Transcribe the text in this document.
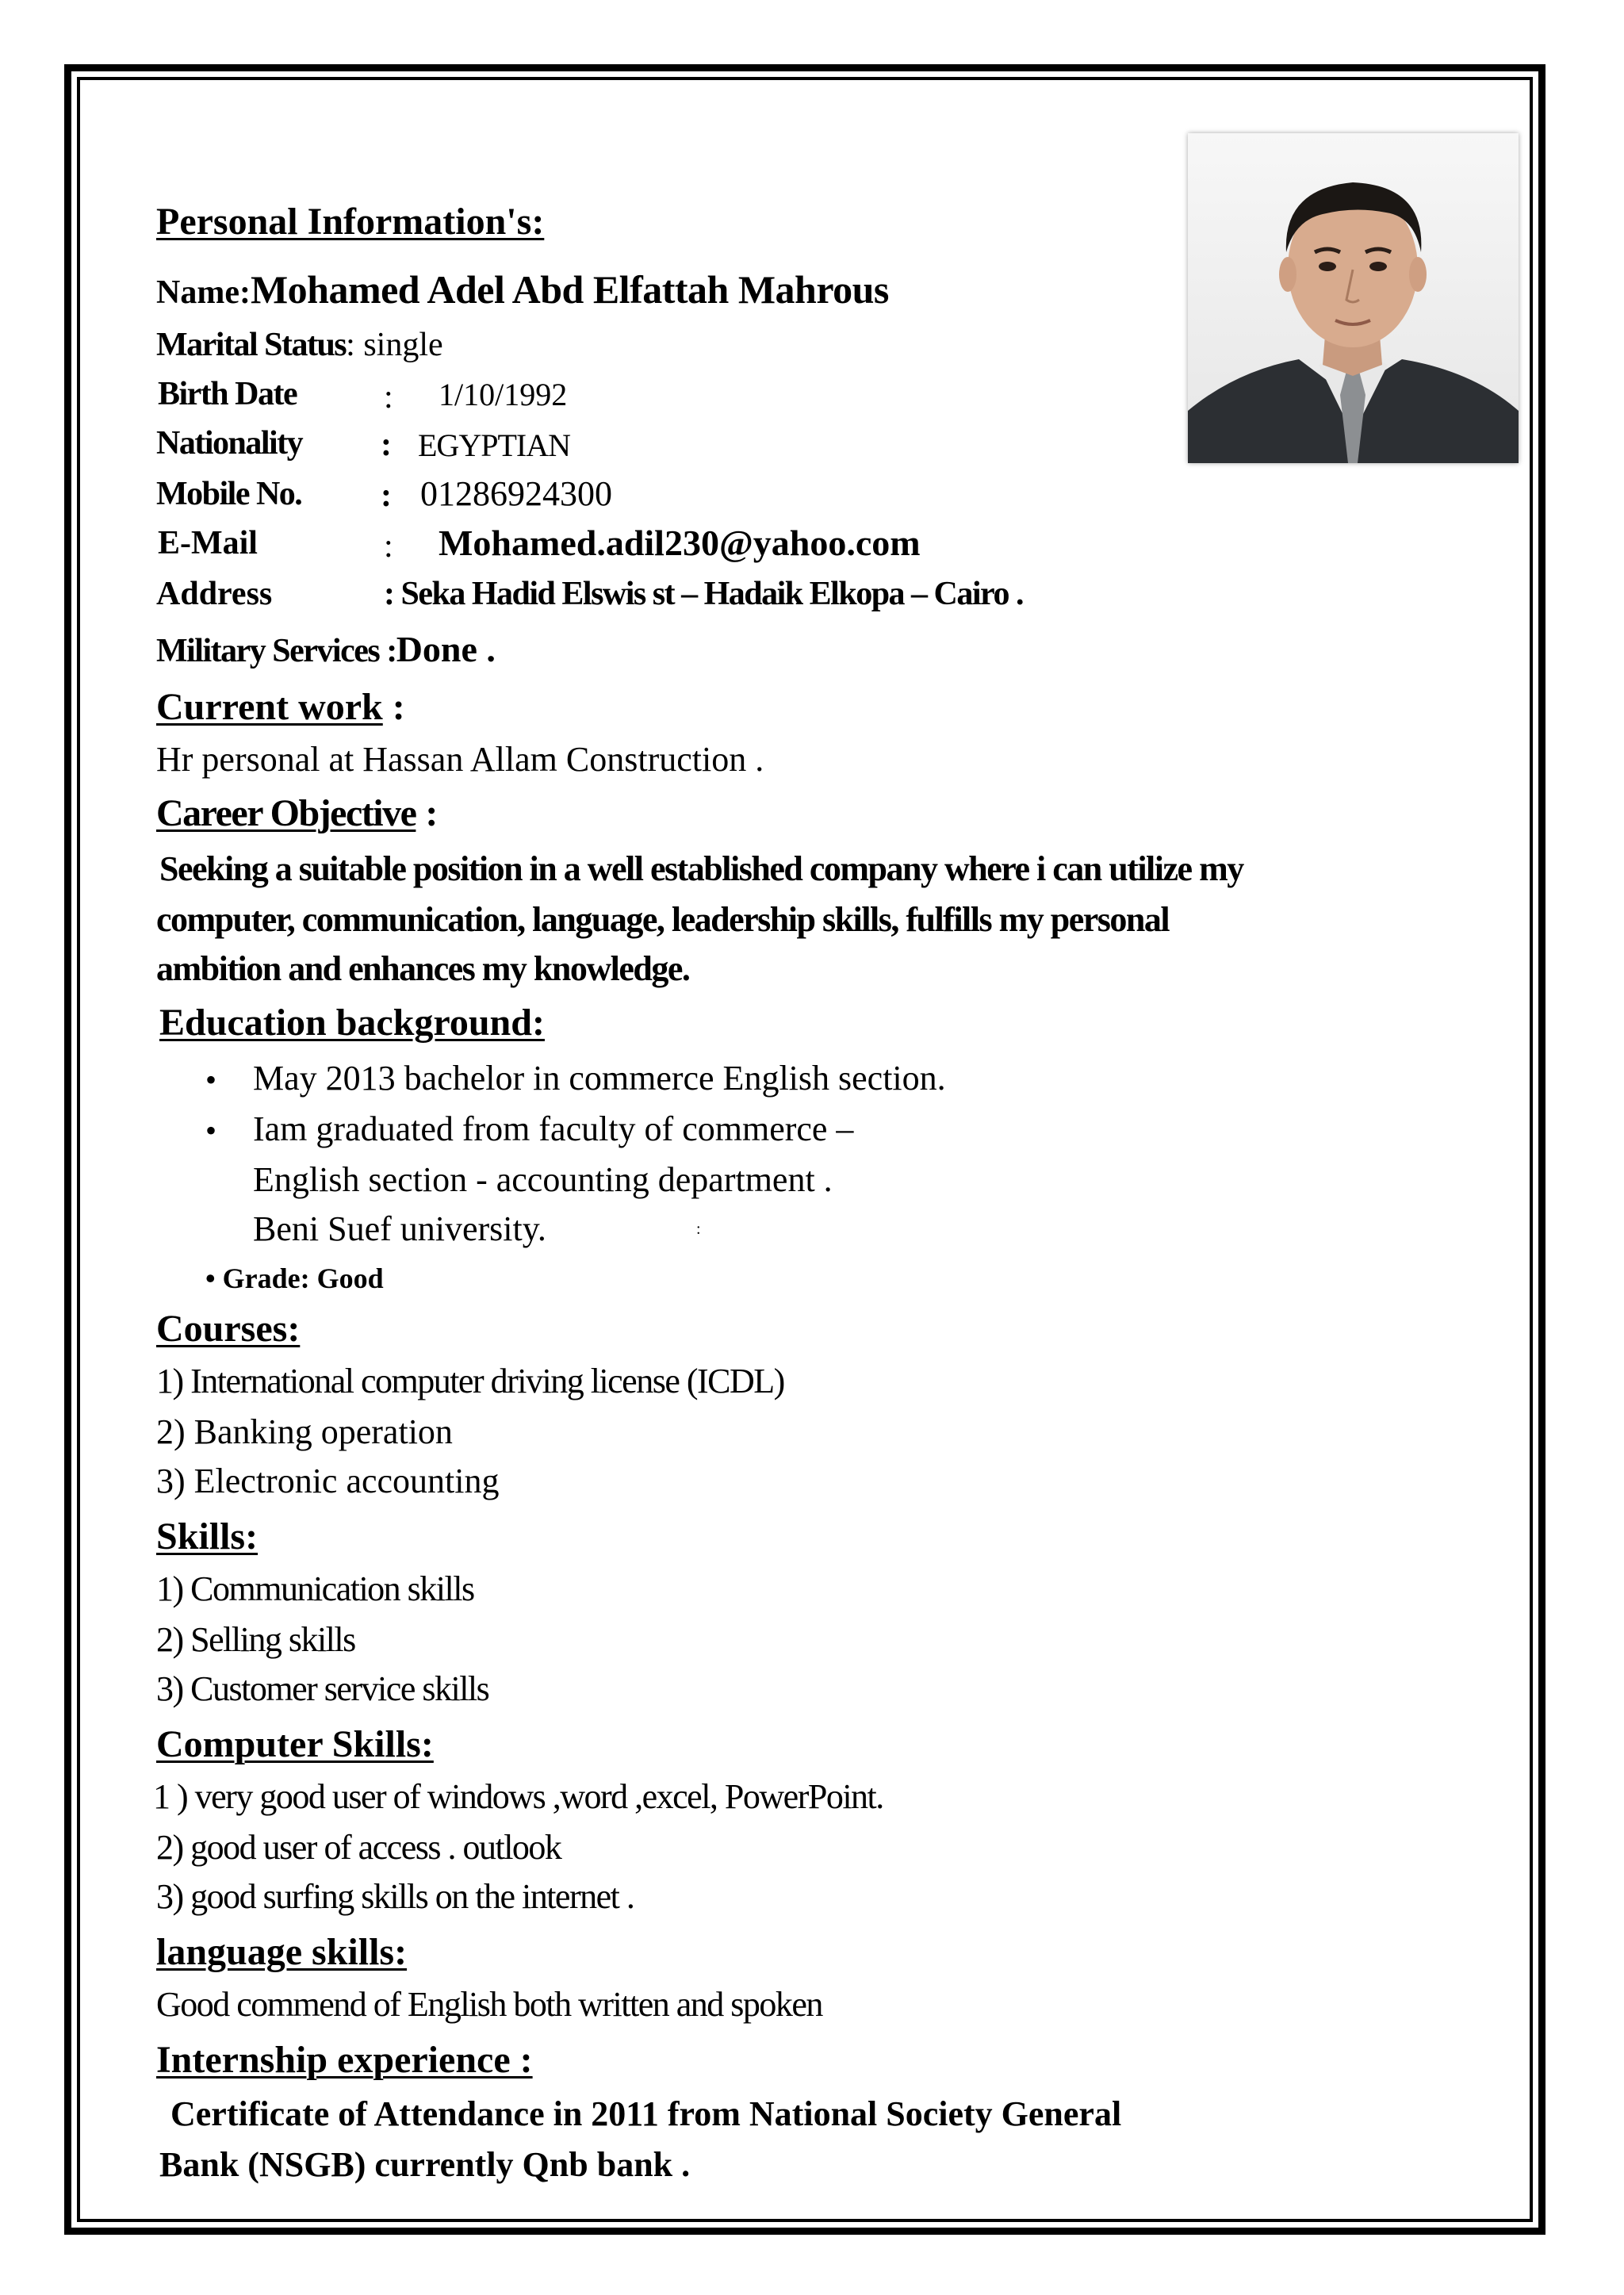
Personal Information's:
Name:Mohamed Adel Abd Elfattah Mahrous
Marital Status: single
Birth Date	: 1/10/1992
Nationality : EGYPTIAN
Mobile No. : 01286924300
E-Mail	: Mohamed.adil230@yahoo.com
Address	: Seka Hadid Elswis st – Hadaik Elkopa – Cairo .
Military Services :Done .
Current work :
Hr personal at Hassan Allam Construction .
Career Objective :
Seeking a suitable position in a well established company where i can utilize my
computer, communication, language, leadership skills, fulfills my personal
ambition and enhances my knowledge.
Education background:
• May 2013 bachelor in commerce English section.
• Iam graduated from faculty of commerce –
English section - accounting department .
Beni Suef university.	:
• Grade: Good
Courses:
1) International computer driving license (ICDL)
2) Banking operation
3) Electronic accounting
Skills:
1) Communication skills
2) Selling skills
3) Customer service skills
Computer Skills:
1 ) very good user of windows ,word ,excel, PowerPoint.
2) good user of access . outlook
3) good surfing skills on the internet .
language skills:
Good commend of English both written and spoken
Internship experience :
Certificate of Attendance in 2011 from National Society General
Bank (NSGB) currently Qnb bank .
